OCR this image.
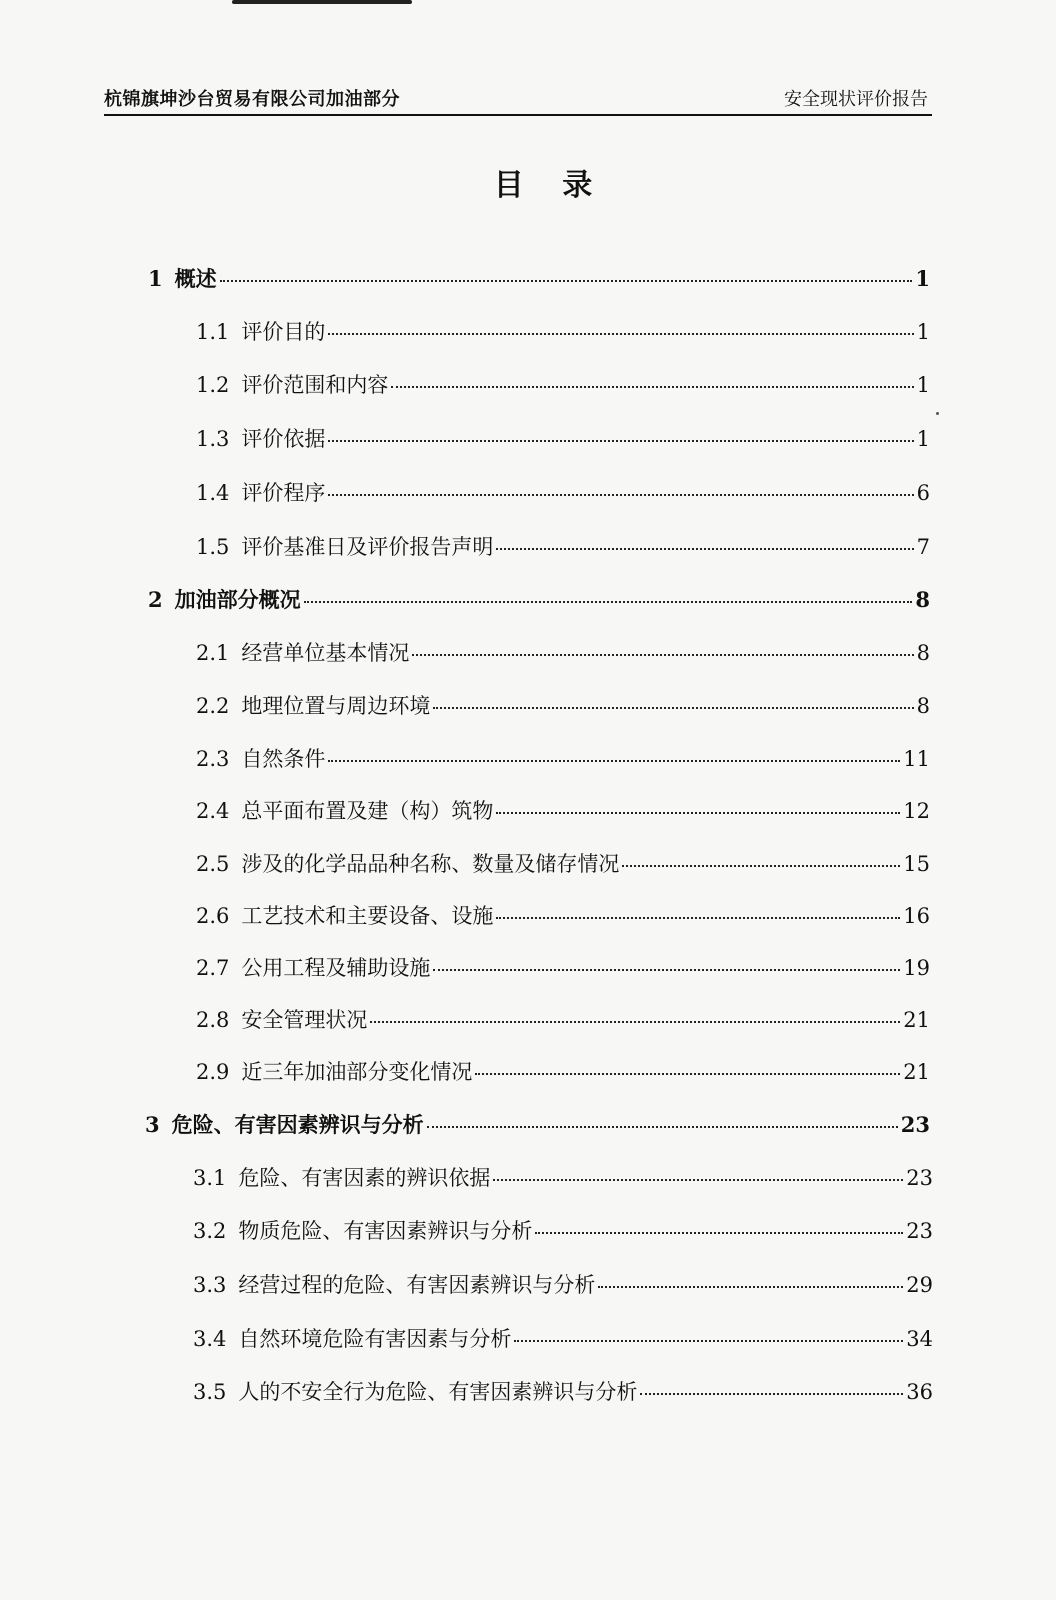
杭锦旗坤沙台贸易有限公司加油部分	安全现状评价报告
目 录
1 概述	1
1.1 评价目的	1
1.2 评价范围和内容	1
1.3 评价依据	1
1.4 评价程序	6
1.5 评价基准日及评价报告声明	7
2 加油部分概况	8
2.1 经营单位基本情况	8
2.2 地理位置与周边环境	8
2.3 自然条件	11
2.4 总平面布置及建（构）筑物	12
2.5 涉及的化学品品种名称、数量及储存情况	15
2.6 工艺技术和主要设备、设施	16
2.7 公用工程及辅助设施	19
2.8 安全管理状况	21
2.9 近三年加油部分变化情况	21
3 危险、有害因素辨识与分析	23
3.1 危险、有害因素的辨识依据	23
3.2 物质危险、有害因素辨识与分析	23
3.3 经营过程的危险、有害因素辨识与分析	29
3.4 自然环境危险有害因素与分析	34
3.5 人的不安全行为危险、有害因素辨识与分析	36
